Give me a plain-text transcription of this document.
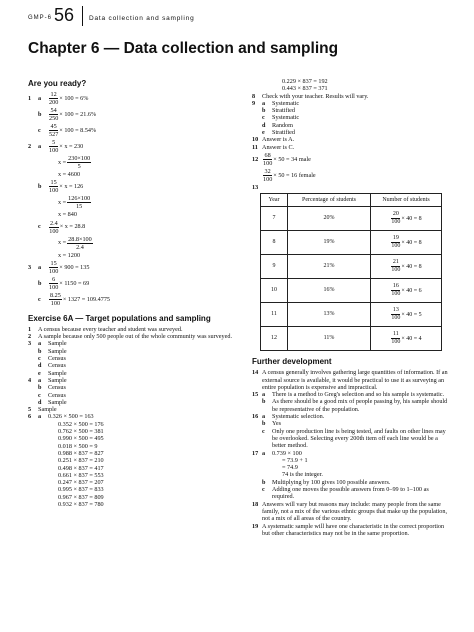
GMP-6 56 Data collection and sampling
Chapter 6 — Data collection and sampling
Are you ready?
1	a	$\frac{12}{200} \times 100 = 6\%$
b	$\frac{54}{250} \times 100 = 21.6\%$
c	$\frac{45}{527} \times 100 = 8.54\%$
2	a	$\frac{5}{100} \times x = 230$
$x = \frac{230\times 100}{5}$
x = 4600
b	$\frac{15}{100} \times x = 126$
$x = \frac{126\times 100}{15}$
x = 840
c	$\frac{2.4}{100} \times x = 28.8$
$x = \frac{28.8\times 100}{2.4}$
x = 1200
3	a	$\frac{15}{100} \times 900 = 135$
b	$\frac{6}{100} \times 1150 = 69$
c	$\frac{8.25}{100} \times 1327 = 109.4775$
Exercise 6A — Target populations and sampling
1	A census because every teacher and student was surveyed.
2	A sample because only 500 people out of the whole community was surveyed.
3 a Sample
b Sample
c Census
d Census
e Sample
4 a Sample
b Census
c Census
d Sample
5 Sample
6 a 0.326 × 500 = 163
0.352 × 500 = 176
0.762 × 500 = 381
0.990 × 500 = 495
0.018 × 500 = 9
0.988 × 837 = 827
0.251 × 837 = 210
0.498 × 837 = 417
0.661 × 837 = 553
0.247 × 837 = 207
0.995 × 837 = 833
0.967 × 837 = 809
0.932 × 837 = 780
0.229 × 837 = 192
0.443 × 837 = 371
8 Check with your teacher. Results will vary.
9 a Systematic
b Stratified
c Systematic
d Random
e Stratified
10 Answer is A.
11 Answer is C.
$12 \frac{68}{100} \times 50 = 34$ male
$\frac{32}{100} \times 50 = 16$ female
13
Year	Percentage of students	Number of students
7	20%	$\frac{20}{100} \times 40 = 8$
8	19%	$\frac{19}{100} \times 40 = 8$
9	21%	$\frac{21}{100} \times 40 = 8$
10	16%	$\frac{16}{100} \times 40 = 6$
11	13%	$\frac{13}{100} \times 40 = 5$
12	11%	$\frac{11}{100} \times 40 = 4$
Further development
14 A census generally involves gathering large quantities of information. If an external source is available, it would be practical to use it as surveying an entire population is expensive and impractical.
15 a	There is a method to Greg's selection and so his sample is systematic.
b	As there should be a good mix of people passing by, his sample should be representative of the population.
16 a	Systematic selection.
b	Yes
c	Only one production line is being tested, and faults on other lines may be overlooked. Selecting every 200th item off each line would be a better method.
17 a 0.739 × 100
= 73.9 + 1
= 74.9
74 is the integer.
b	Multiplying by 100 gives 100 possible answers.
c	Adding one moves the possible answers from 0–99 to 1–100 as required.
18 Answers will vary but reasons may include: many people from the same family, not a mix of the various ethnic groups that make up the population, not a mix of all areas of the country.
19 A systematic sample will have one characteristic in the correct proportion but other characteristics may not be in the same proportion.
